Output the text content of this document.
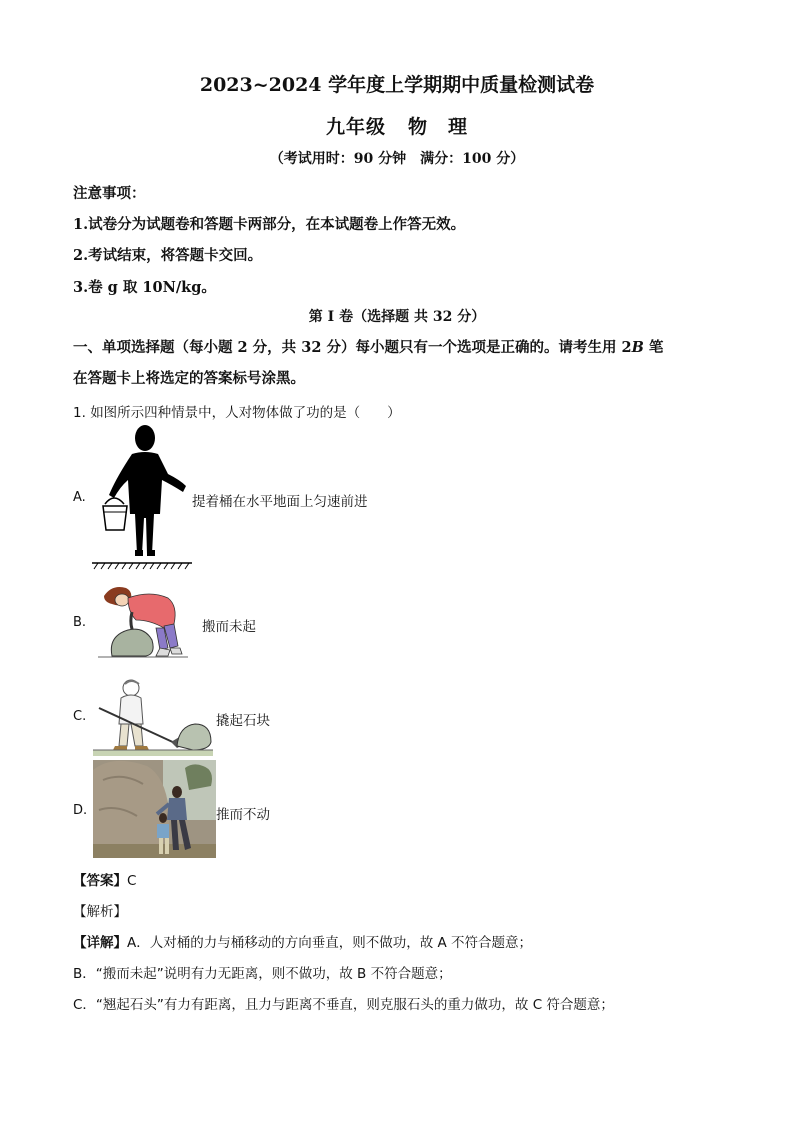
2023~2024 学年度上学期期中质量检测试卷
九年级 物　理
（考试用时：90 分钟　满分：100 分）
注意事项：
1.试卷分为试题卷和答题卡两部分，在本试题卷上作答无效。
2.考试结束，将答题卡交回。
3.卷 g 取 10N/kg。
第 I 卷（选择题 共 32 分）
一、单项选择题（每小题 2 分，共 32 分）每小题只有一个选项是正确的。请考生用 2B 笔
在答题卡上将选定的答案标号涂黑。
1. 如图所示四种情景中，人对物体做了功的是（　　）
A.	提着桶在水平地面上匀速前进
B.	搬而未起
C.	撬起石块
D.	推而不动
【答案】C
【解析】
【详解】A．人对桶的力与桶移动的方向垂直，则不做功，故 A 不符合题意；
B．“搬而未起”说明有力无距离，则不做功，故 B 不符合题意；
C．“翘起石头”有力有距离，且力与距离不垂直，则克服石头的重力做功，故 C 符合题意；
